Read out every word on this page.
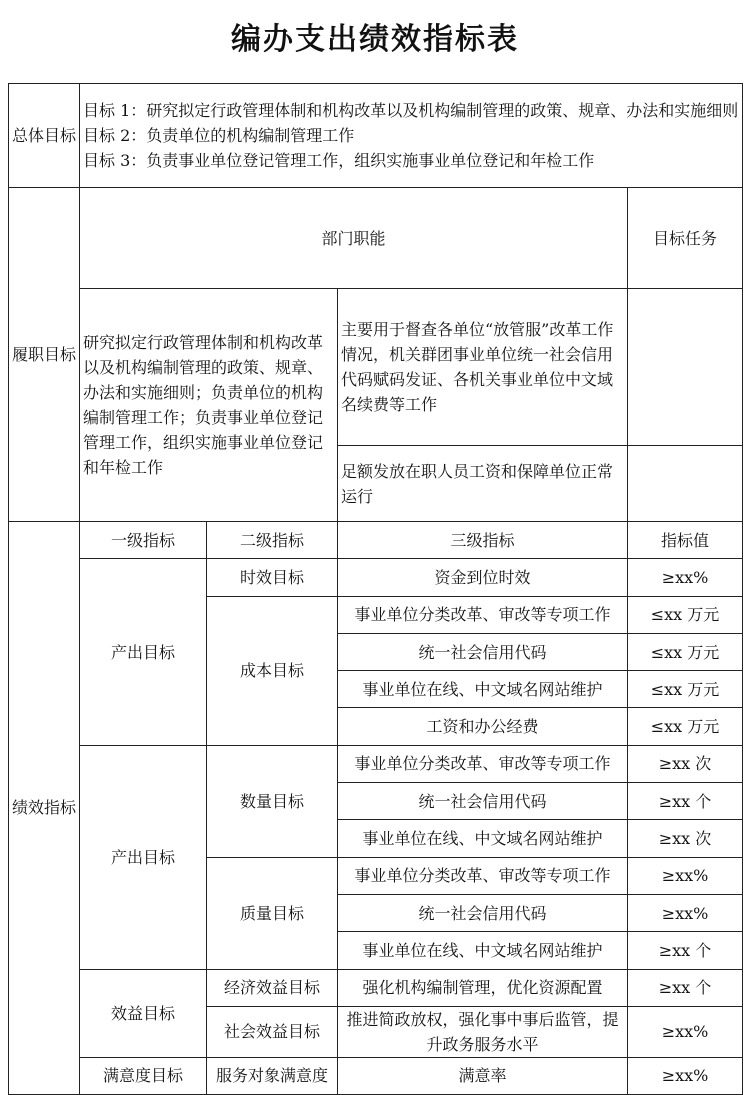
编办支出绩效指标表
总体目标	目标 1：研究拟定行政管理体制和机构改革以及机构编制管理的政策、规章、办法和实施细则
目标 2：负责单位的机构编制管理工作
目标 3：负责事业单位登记管理工作，组织实施事业单位登记和年检工作				

履职目标	部门职能			目标任务	

	研究拟定行政管理体制和机构改革以及机构编制管理的政策、规章、办法和实施细则；负责单位的机构编制管理工作；负责事业单位登记管理工作，组织实施事业单位登记和年检工作		主要用于督查各单位“放管服”改革工作情况，机关群团事业单位统一社会信用代码赋码发证、各机关事业单位中文域名续费等工作		
			足额发放在职人员工资和保障单位正常运行		
绩效指标	一级指标	二级指标	三级指标	指标值	
	产出目标	时效目标	资金到位时效	≥xx%	
		成本目标	事业单位分类改革、审改等专项工作	≤xx 万元	
			统一社会信用代码	≤xx 万元	
			事业单位在线、中文域名网站维护	≤xx 万元	
			工资和办公经费	≤xx 万元	
	产出目标	数量目标	事业单位分类改革、审改等专项工作	≥xx 次	
			统一社会信用代码	≥xx 个	
			事业单位在线、中文域名网站维护	≥xx 次	
		质量目标	事业单位分类改革、审改等专项工作	≥xx%	
			统一社会信用代码	≥xx%	
			事业单位在线、中文域名网站维护	≥xx 个	
	效益目标	经济效益目标	强化机构编制管理，优化资源配置	≥xx 个	
		社会效益目标	推进简政放权，强化事中事后监管，提升政务服务水平	≥xx%	
	满意度目标	服务对象满意度	满意率	≥xx%	
